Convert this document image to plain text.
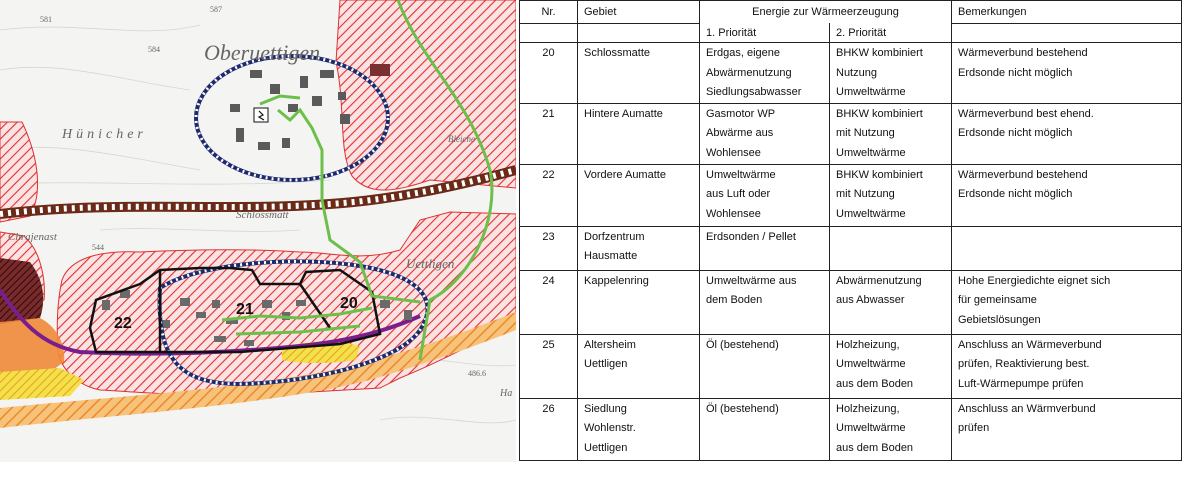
Oberuettigen
Hünicher
Schlossmatt
Chrajenast
Uettligen
581
587
584
544
486.6
Ha
Bleiche
20
21
22
Nr.	Gebiet	Energie zur Wärmeerzeugung		Bemerkungen
		1. Priorität	2. Priorität	
20	Schlossmatte	Erdgas, eigene
Abwärmenutzung
Siedlungsabwasser	BHKW kombiniert
Nutzung
Umweltwärme	Wärmeverbund bestehend
Erdsonde nicht möglich

21	Hintere Aumatte	Gasmotor WP
Abwärme aus
Wohlensee	BHKW kombiniert
mit Nutzung
Umweltwärme	Wärmeverbund best ehend.
Erdsonde nicht möglich

22	Vordere Aumatte	Umweltwärme
aus Luft oder
Wohlensee	BHKW kombiniert
mit Nutzung
Umweltwärme	Wärmeverbund bestehend
Erdsonde nicht möglich

23	Dorfzentrum
Hausmatte	Erdsonden / Pellet		

24	Kappelenring	Umweltwärme aus
dem Boden	Abwärmenutzung
aus Abwasser	Hohe Energiedichte eignet sich
für gemeinsame
Gebietslösungen

25	Altersheim
Uettligen	Öl (bestehend)	Holzheizung,
Umweltwärme
aus dem Boden	Anschluss an Wärmeverbund
prüfen, Reaktivierung best.
Luft-Wärmepumpe prüfen

26	Siedlung
Wohlenstr.
Uettligen	Öl (bestehend)	Holzheizung,
Umweltwärme
aus dem Boden	Anschluss an Wärmverbund
prüfen
